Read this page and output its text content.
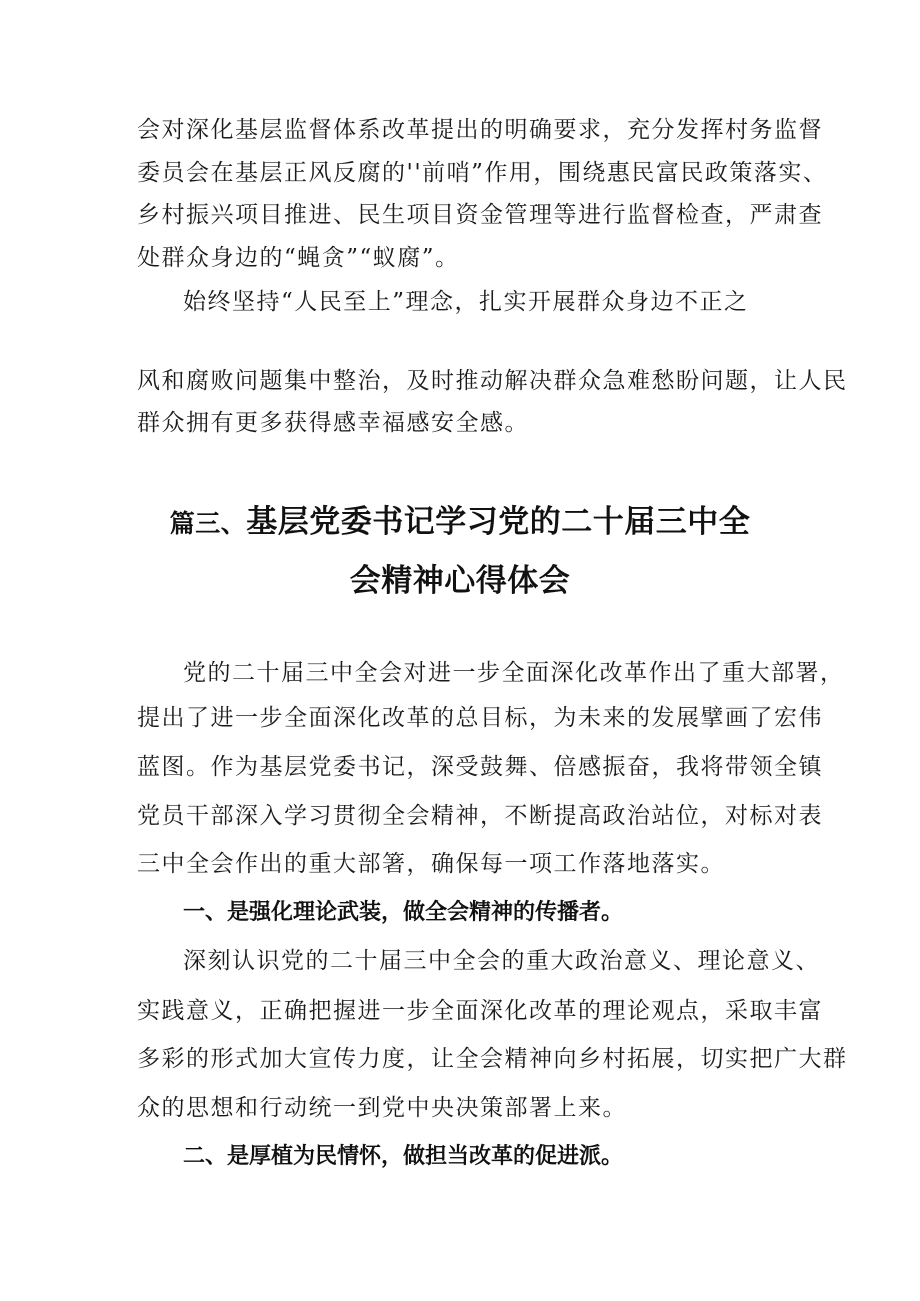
会对深化基层监督体系改革提出的明确要求，充分发挥村务监督

委员会在基层正风反腐的''前哨”作用，围绕惠民富民政策落实、

乡村振兴项目推进、民生项目资金管理等进行监督检查，严肃查

处群众身边的“蝇贪”“蚁腐”。

始终坚持“人民至上”理念，扎实开展群众身边不正之

风和腐败问题集中整治，及时推动解决群众急难愁盼问题，让人民

群众拥有更多获得感幸福感安全感。

篇三、基层党委书记学习党的二十届三中全
会精神心得体会

党的二十届三中全会对进一步全面深化改革作出了重大部署，

提出了进一步全面深化改革的总目标，为未来的发展擘画了宏伟

蓝图。作为基层党委书记，深受鼓舞、倍感振奋，我将带领全镇

党员干部深入学习贯彻全会精神，不断提高政治站位，对标对表

三中全会作出的重大部箸，确保每一项工作落地落实。

一、是强化理论武装，做全会精神的传播者。

深刻认识党的二十届三中全会的重大政治意义、理论意义、

实践意义，正确把握进一步全面深化改革的理论观点，采取丰富

多彩的形式加大宣传力度，让全会精神向乡村拓展，切实把广大群

众的思想和行动统一到党中央决策部署上来。

二、是厚植为民情怀，做担当改革的促进派。
